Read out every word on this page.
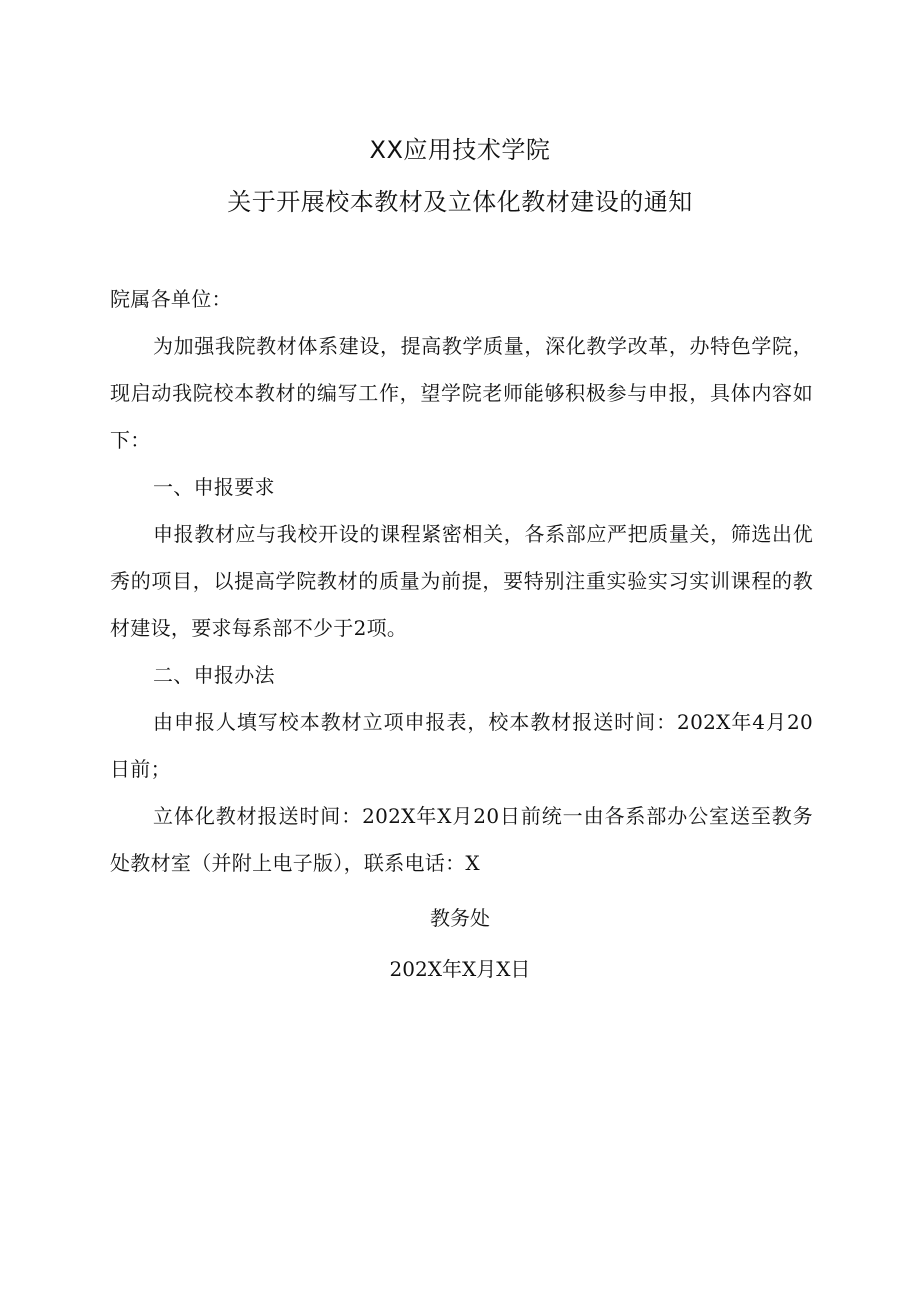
XX应用技术学院
关于开展校本教材及立体化教材建设的通知

院属各单位：

为加强我院教材体系建设，提高教学质量，深化教学改革，办特色学院，现启动我院校本教材的编写工作，望学院老师能够积极参与申报，具体内容如下：

一、申报要求

申报教材应与我校开设的课程紧密相关，各系部应严把质量关，筛选出优秀的项目，以提高学院教材的质量为前提，要特别注重实验实习实训课程的教材建设，要求每系部不少于2项。

二、申报办法

由申报人填写校本教材立项申报表，校本教材报送时间：202X年4月20日前；

立体化教材报送时间：202X年X月20日前统一由各系部办公室送至教务处教材室（并附上电子版），联系电话：X

教务处

202X年X月X日
